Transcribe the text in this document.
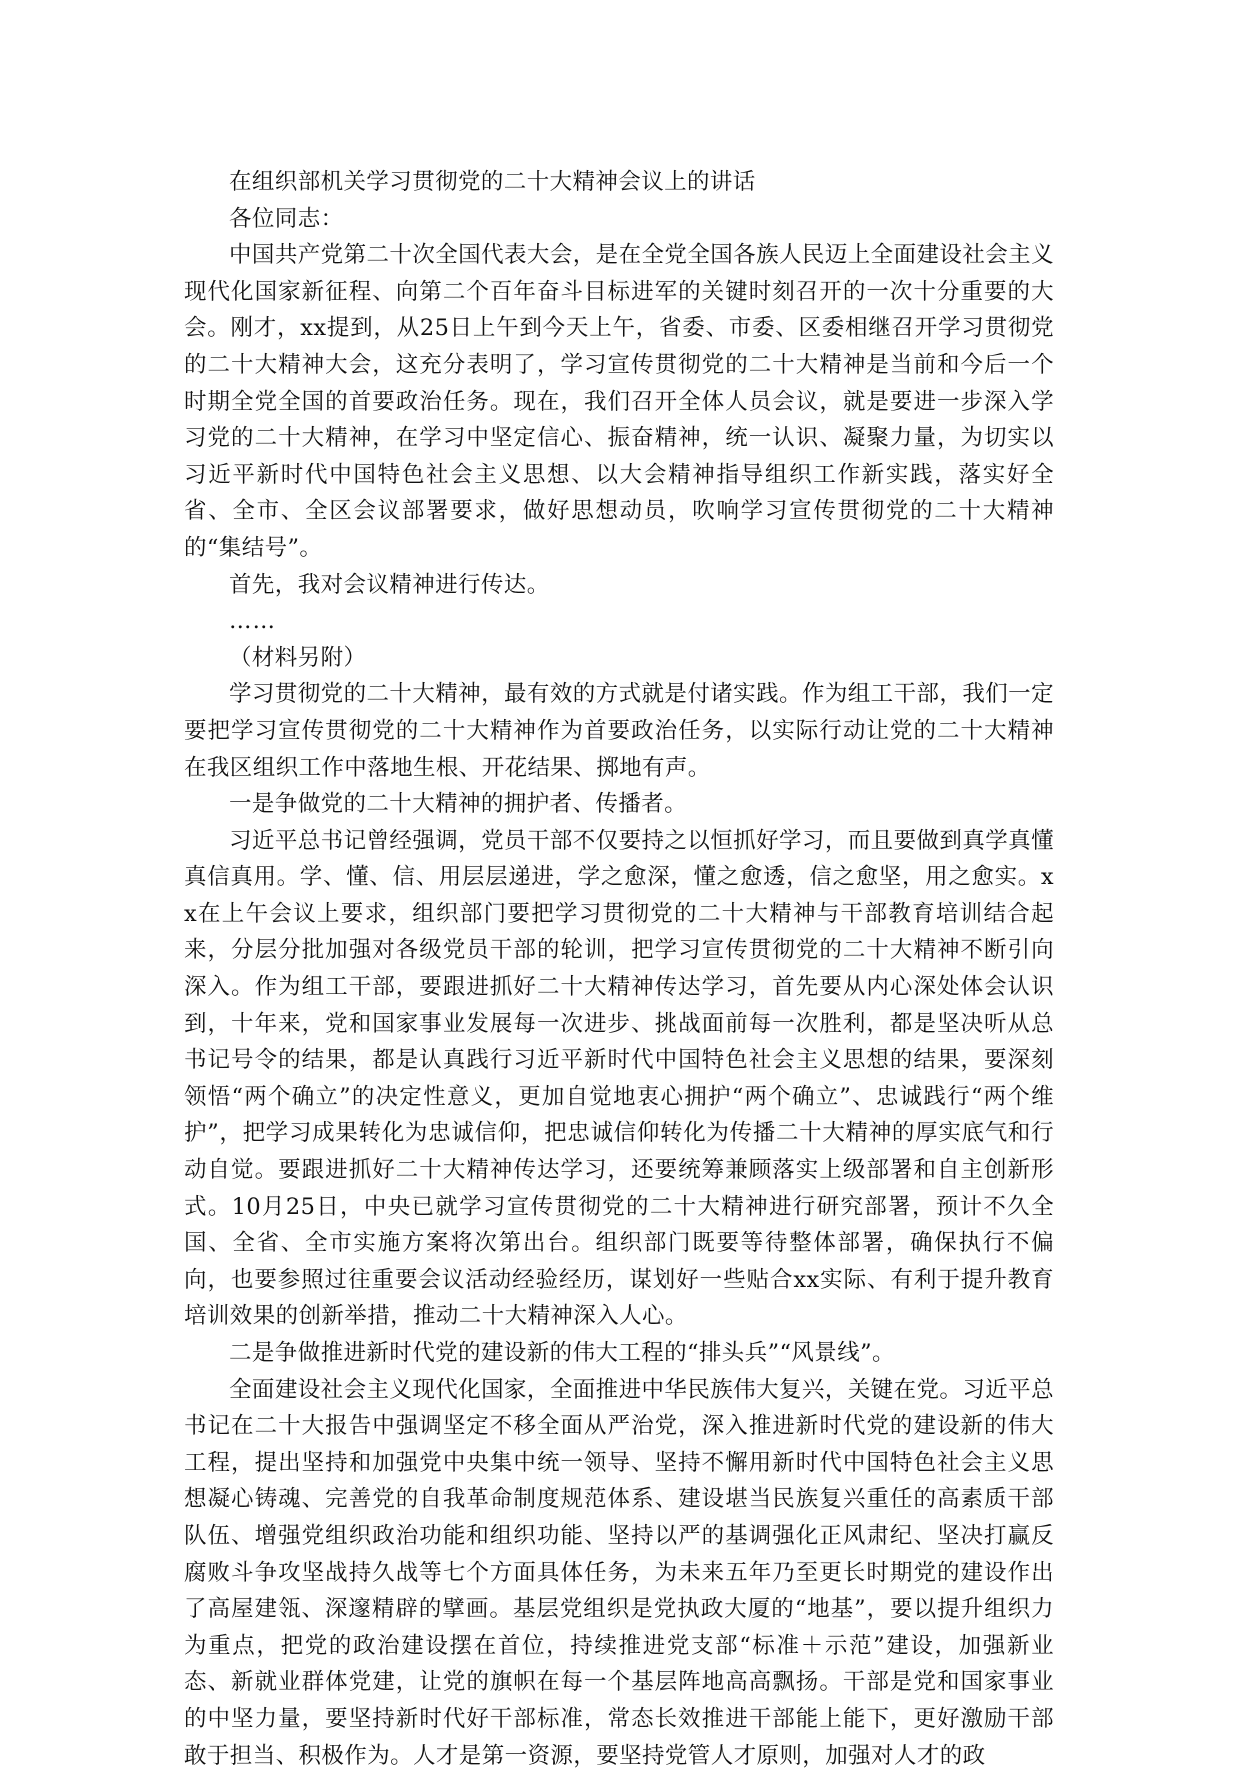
在组织部机关学习贯彻党的二十大精神会议上的讲话

各位同志：

中国共产党第二十次全国代表大会，是在全党全国各族人民迈上全面建设社会主义现代化国家新征程、向第二个百年奋斗目标进军的关键时刻召开的一次十分重要的大会。刚才，xx提到，从25日上午到今天上午，省委、市委、区委相继召开学习贯彻党的二十大精神大会，这充分表明了，学习宣传贯彻党的二十大精神是当前和今后一个时期全党全国的首要政治任务。现在，我们召开全体人员会议，就是要进一步深入学习党的二十大精神，在学习中坚定信心、振奋精神，统一认识、凝聚力量，为切实以习近平新时代中国特色社会主义思想、以大会精神指导组织工作新实践，落实好全省、全市、全区会议部署要求，做好思想动员，吹响学习宣传贯彻党的二十大精神的“集结号”。

首先，我对会议精神进行传达。

……

（材料另附）

学习贯彻党的二十大精神，最有效的方式就是付诸实践。作为组工干部，我们一定要把学习宣传贯彻党的二十大精神作为首要政治任务，以实际行动让党的二十大精神在我区组织工作中落地生根、开花结果、掷地有声。

一是争做党的二十大精神的拥护者、传播者。

习近平总书记曾经强调，党员干部不仅要持之以恒抓好学习，而且要做到真学真懂真信真用。学、懂、信、用层层递进，学之愈深，懂之愈透，信之愈坚，用之愈实。xx在上午会议上要求，组织部门要把学习贯彻党的二十大精神与干部教育培训结合起来，分层分批加强对各级党员干部的轮训，把学习宣传贯彻党的二十大精神不断引向深入。作为组工干部，要跟进抓好二十大精神传达学习，首先要从内心深处体会认识到，十年来，党和国家事业发展每一次进步、挑战面前每一次胜利，都是坚决听从总书记号令的结果，都是认真践行习近平新时代中国特色社会主义思想的结果，要深刻领悟“两个确立”的决定性意义，更加自觉地衷心拥护“两个确立”、忠诚践行“两个维护”，把学习成果转化为忠诚信仰，把忠诚信仰转化为传播二十大精神的厚实底气和行动自觉。要跟进抓好二十大精神传达学习，还要统筹兼顾落实上级部署和自主创新形式。10月25日，中央已就学习宣传贯彻党的二十大精神进行研究部署，预计不久全国、全省、全市实施方案将次第出台。组织部门既要等待整体部署，确保执行不偏向，也要参照过往重要会议活动经验经历，谋划好一些贴合xx实际、有利于提升教育培训效果的创新举措，推动二十大精神深入人心。

二是争做推进新时代党的建设新的伟大工程的“排头兵”“风景线”。

全面建设社会主义现代化国家，全面推进中华民族伟大复兴，关键在党。习近平总书记在二十大报告中强调坚定不移全面从严治党，深入推进新时代党的建设新的伟大工程，提出坚持和加强党中央集中统一领导、坚持不懈用新时代中国特色社会主义思想凝心铸魂、完善党的自我革命制度规范体系、建设堪当民族复兴重任的高素质干部队伍、增强党组织政治功能和组织功能、坚持以严的基调强化正风肃纪、坚决打赢反腐败斗争攻坚战持久战等七个方面具体任务，为未来五年乃至更长时期党的建设作出了高屋建瓴、深邃精辟的擘画。基层党组织是党执政大厦的“地基”，要以提升组织力为重点，把党的政治建设摆在首位，持续推进党支部“标准＋示范”建设，加强新业态、新就业群体党建，让党的旗帜在每一个基层阵地高高飘扬。干部是党和国家事业的中坚力量，要坚持新时代好干部标准，常态长效推进干部能上能下，更好激励干部敢于担当、积极作为。人才是第一资源，要坚持党管人才原则，加强对人才的政
